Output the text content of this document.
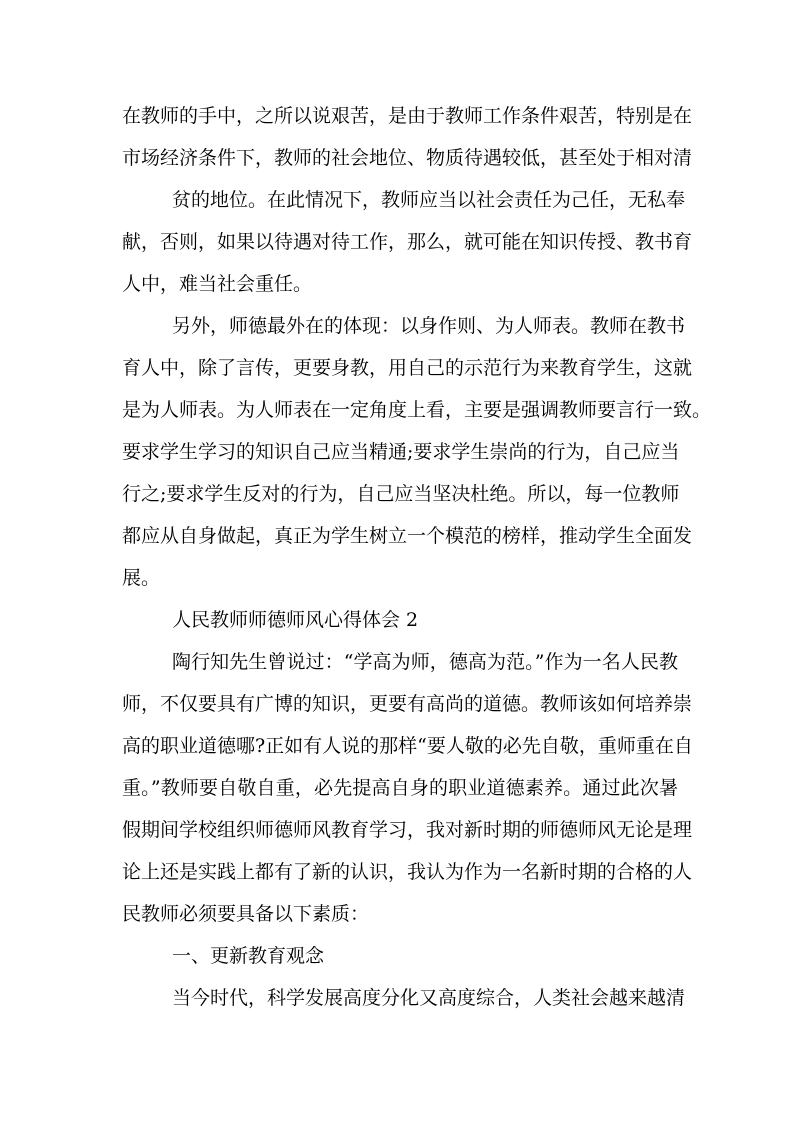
在教师的手中，之所以说艰苦，是由于教师工作条件艰苦，特别是在
市场经济条件下，教师的社会地位、物质待遇较低，甚至处于相对清
贫的地位。在此情况下，教师应当以社会责任为己任，无私奉
献，否则，如果以待遇对待工作，那么，就可能在知识传授、教书育
人中，难当社会重任。
另外，师德最外在的体现：以身作则、为人师表。教师在教书
育人中，除了言传，更要身教，用自己的示范行为来教育学生，这就
是为人师表。为人师表在一定角度上看，主要是强调教师要言行一致。
要求学生学习的知识自己应当精通;要求学生崇尚的行为，自己应当
行之;要求学生反对的行为，自己应当坚决杜绝。所以，每一位教师
都应从自身做起，真正为学生树立一个模范的榜样，推动学生全面发
展。
人民教师师德师风心得体会 2
陶行知先生曾说过：“学高为师，德高为范。”作为一名人民教
师，不仅要具有广博的知识，更要有高尚的道德。教师该如何培养崇
高的职业道德哪?正如有人说的那样“要人敬的必先自敬，重师重在自
重。”教师要自敬自重，必先提高自身的职业道德素养。通过此次暑
假期间学校组织师德师风教育学习，我对新时期的师德师风无论是理
论上还是实践上都有了新的认识，我认为作为一名新时期的合格的人
民教师必须要具备以下素质：
一、更新教育观念
当今时代，科学发展高度分化又高度综合，人类社会越来越清
